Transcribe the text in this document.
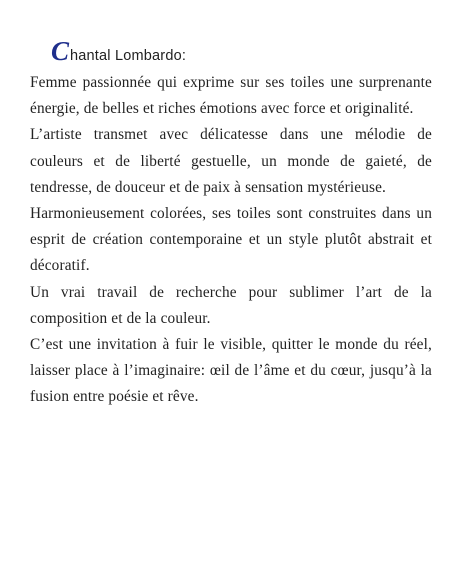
C hantal Lombardo:

Femme passionnée qui exprime sur ses toiles une surprenante énergie, de belles et riches émotions avec force et originalité.

L’artiste transmet avec délicatesse dans une mélodie de couleurs et de liberté gestuelle, un monde de gaieté, de tendresse, de douceur et de paix à sensation mystérieuse.

Harmonieusement colorées, ses toiles sont construites dans un esprit de création contemporaine et un style plutôt abstrait et décoratif.

Un vrai travail de recherche pour sublimer l’art de la composition et de la couleur.

C’est une invitation à fuir le visible, quitter le monde du réel, laisser place à l’imaginaire: œil de l’âme et du cœur, jusqu’à la fusion entre poésie et rêve.
